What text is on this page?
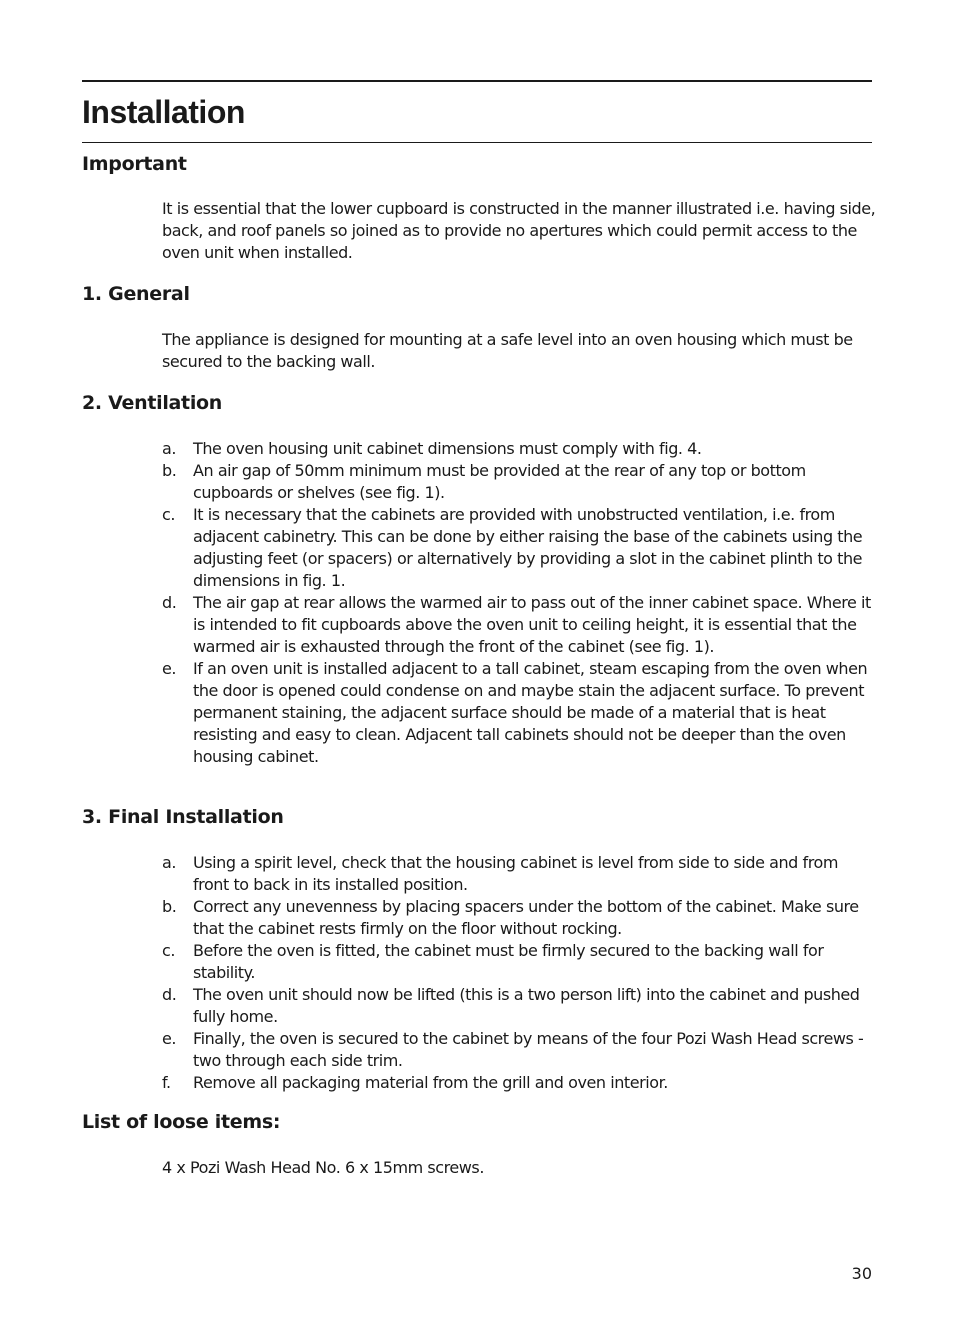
Installation
Important

It is essential that the lower cupboard is constructed in the manner illustrated i.e. having side, back, and roof panels so joined as to provide no apertures which could permit access to the oven unit when installed.

1. General

The appliance is designed for mounting at a safe level into an oven housing which must be secured to the backing wall.

2. Ventilation
a. The oven housing unit cabinet dimensions must comply with fig. 4.
b. An air gap of 50mm minimum must be provided at the rear of any top or bottom cupboards or shelves (see fig. 1).
c. It is necessary that the cabinets are provided with unobstructed ventilation, i.e. from adjacent cabinetry. This can be done by either raising the base of the cabinets using the adjusting feet (or spacers) or alternatively by providing a slot in the cabinet plinth to the dimensions in fig. 1.
d. The air gap at rear allows the warmed air to pass out of the inner cabinet space. Where it is intended to fit cupboards above the oven unit to ceiling height, it is essential that the warmed air is exhausted through the front of the cabinet (see fig. 1).
e. If an oven unit is installed adjacent to a tall cabinet, steam escaping from the oven when the door is opened could condense on and maybe stain the adjacent surface. To prevent permanent staining, the adjacent surface should be made of a material that is heat resisting and easy to clean. Adjacent tall cabinets should not be deeper than the oven housing cabinet.
3. Final Installation
a. Using a spirit level, check that the housing cabinet is level from side to side and from front to back in its installed position.
b. Correct any unevenness by placing spacers under the bottom of the cabinet. Make sure that the cabinet rests firmly on the floor without rocking.
c. Before the oven is fitted, the cabinet must be firmly secured to the backing wall for stability.
d. The oven unit should now be lifted (this is a two person lift) into the cabinet and pushed fully home.
e. Finally, the oven is secured to the cabinet by means of the four Pozi Wash Head screws - two through each side trim.
f. Remove all packaging material from the grill and oven interior.
List of loose items:

4 x Pozi Wash Head No. 6 x 15mm screws.

30
